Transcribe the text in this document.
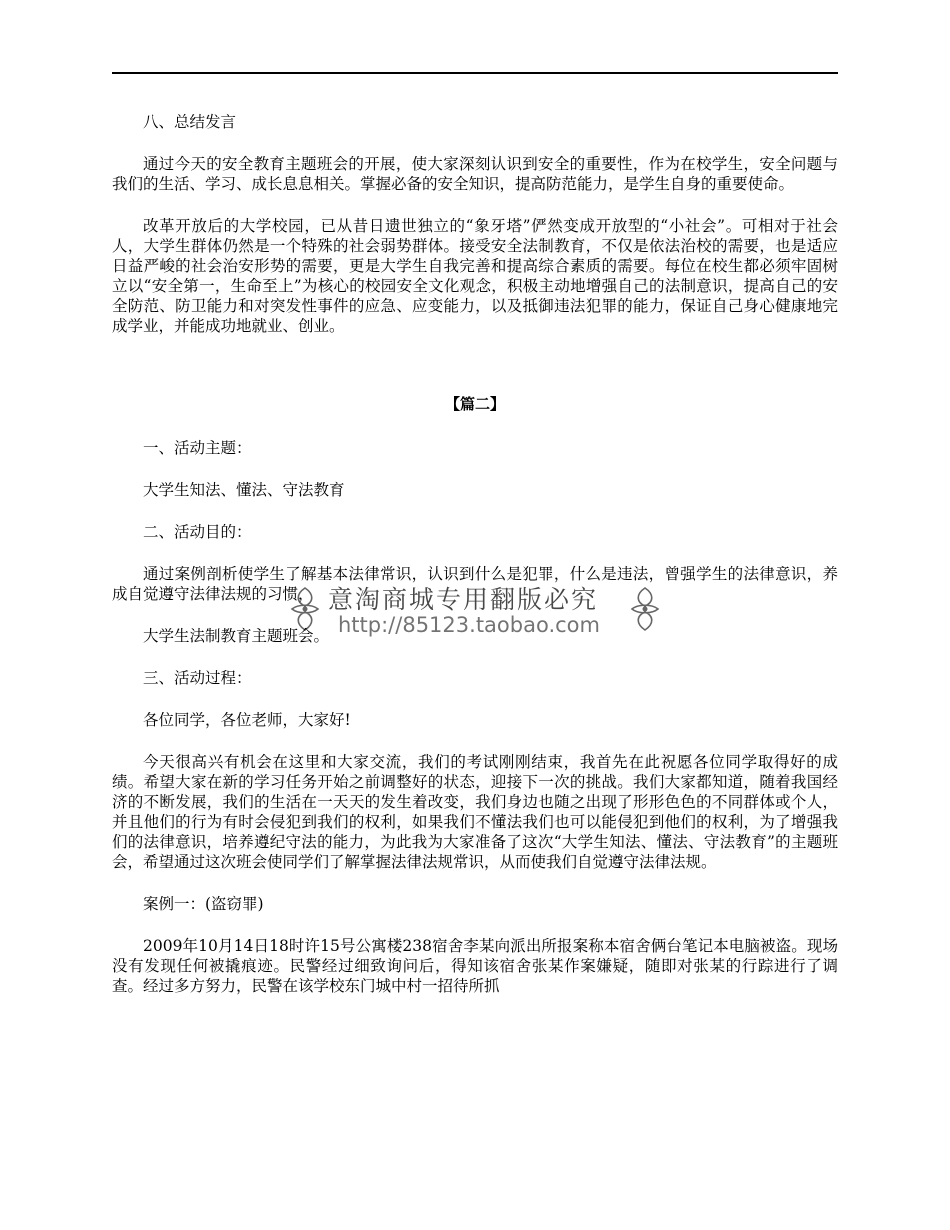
八、总结发言

通过今天的安全教育主题班会的开展，使大家深刻认识到安全的重要性，作为在校学生，安全问题与我们的生活、学习、成长息息相关。掌握必备的安全知识，提高防范能力，是学生自身的重要使命。

改革开放后的大学校园，已从昔日遗世独立的“象牙塔”俨然变成开放型的“小社会”。可相对于社会人，大学生群体仍然是一个特殊的社会弱势群体。接受安全法制教育，不仅是依法治校的需要，也是适应日益严峻的社会治安形势的需要，更是大学生自我完善和提高综合素质的需要。每位在校生都必须牢固树立以“安全第一，生命至上”为核心的校园安全文化观念，积极主动地增强自己的法制意识，提高自己的安全防范、防卫能力和对突发性事件的应急、应变能力，以及抵御违法犯罪的能力，保证自己身心健康地完成学业，并能成功地就业、创业。

【篇二】

一、活动主题：

大学生知法、懂法、守法教育

二、活动目的：

通过案例剖析使学生了解基本法律常识，认识到什么是犯罪，什么是违法，曾强学生的法律意识，养成自觉遵守法律法规的习惯，

大学生法制教育主题班会。

三、活动过程：

各位同学，各位老师，大家好!

今天很高兴有机会在这里和大家交流，我们的考试刚刚结束，我首先在此祝愿各位同学取得好的成绩。希望大家在新的学习任务开始之前调整好的状态，迎接下一次的挑战。我们大家都知道，随着我国经济的不断发展，我们的生活在一天天的发生着改变，我们身边也随之出现了形形色色的不同群体或个人，并且他们的行为有时会侵犯到我们的权利，如果我们不懂法我们也可以能侵犯到他们的权利，为了增强我们的法律意识，培养遵纪守法的能力，为此我为大家准备了这次“大学生知法、懂法、守法教育”的主题班会，希望通过这次班会使同学们了解掌握法律法规常识，从而使我们自觉遵守法律法规。

案例一：(盗窃罪)

2009年10月14日18时许15号公寓楼238宿舍李某向派出所报案称本宿舍俩台笔记本电脑被盗。现场没有发现任何被撬痕迹。民警经过细致询问后，得知该宿舍张某作案嫌疑，随即对张某的行踪进行了调查。经过多方努力，民警在该学校东门城中村一招待所抓

意淘商城专用翻版必究
http://85123.taobao.com
